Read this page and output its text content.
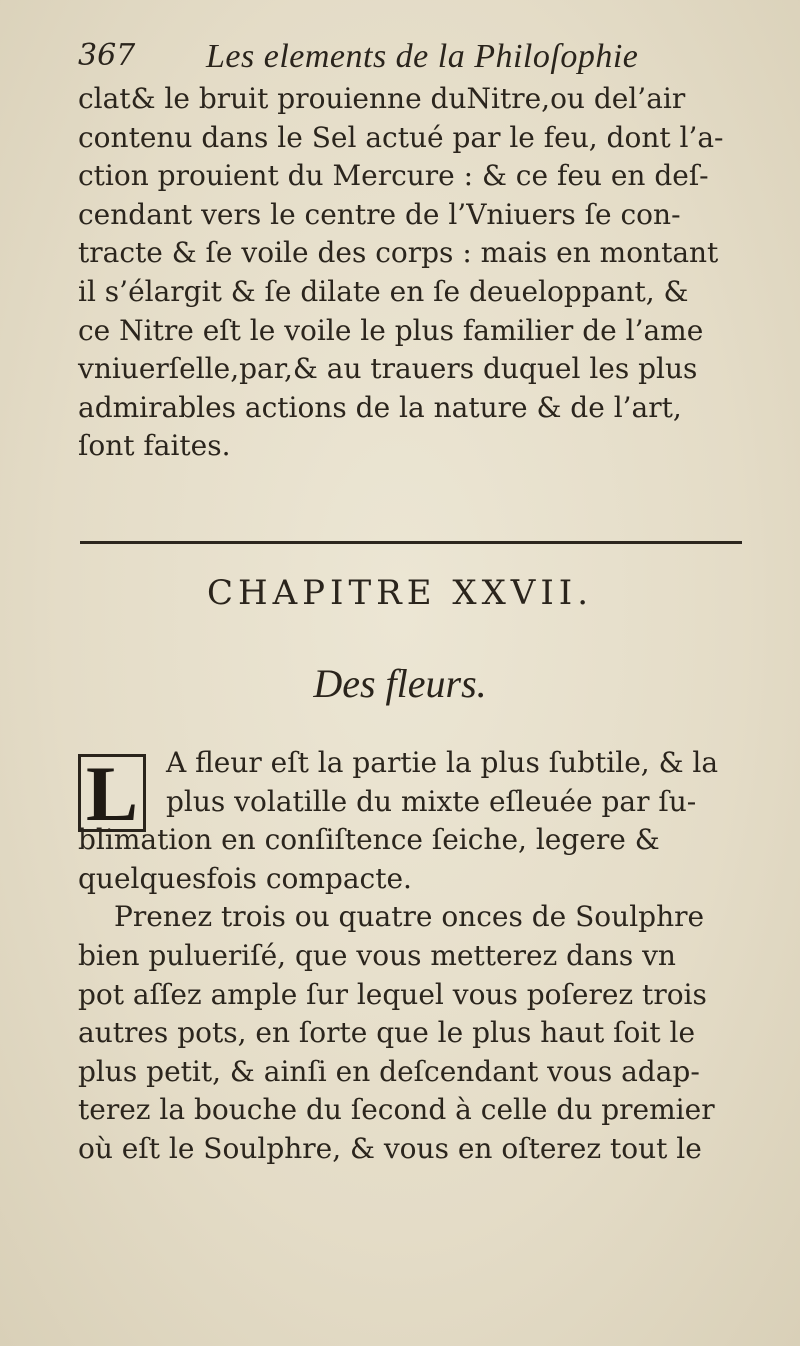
367 Les elements de la Philoſophie
clat& le bruit prouienne duNitre,ou del’air
contenu dans le Sel actué par le feu, dont l’a-
ction prouient du Mercure : & ce feu en deſ-
cendant vers le centre de l’Vniuers ſe con-
tracte & ſe voile des corps : mais en montant
il s’élargit & ſe dilate en ſe deueloppant, &
ce Nitre eſt le voile le plus familier de l’ame
vniuerſelle,par,& au trauers duquel les plus
admirables actions de la nature & de l’art,
ſont faites.
CHAPITRE XXVII.
Des fleurs.
L A fleur eſt la partie la plus ſubtile, & la
plus volatille du mixte eſleuée par ſu-
blimation en conſiſtence ſeiche, legere &
quelquesfois compacte.
Prenez trois ou quatre onces de Soulphre
bien pulueriſé, que vous metterez dans vn
pot aſſez ample ſur lequel vous poſerez trois
autres pots, en ſorte que le plus haut ſoit le
plus petit, & ainſi en deſcendant vous adap-
terez la bouche du ſecond à celle du premier
où eſt le Soulphre, & vous en oſterez tout le
